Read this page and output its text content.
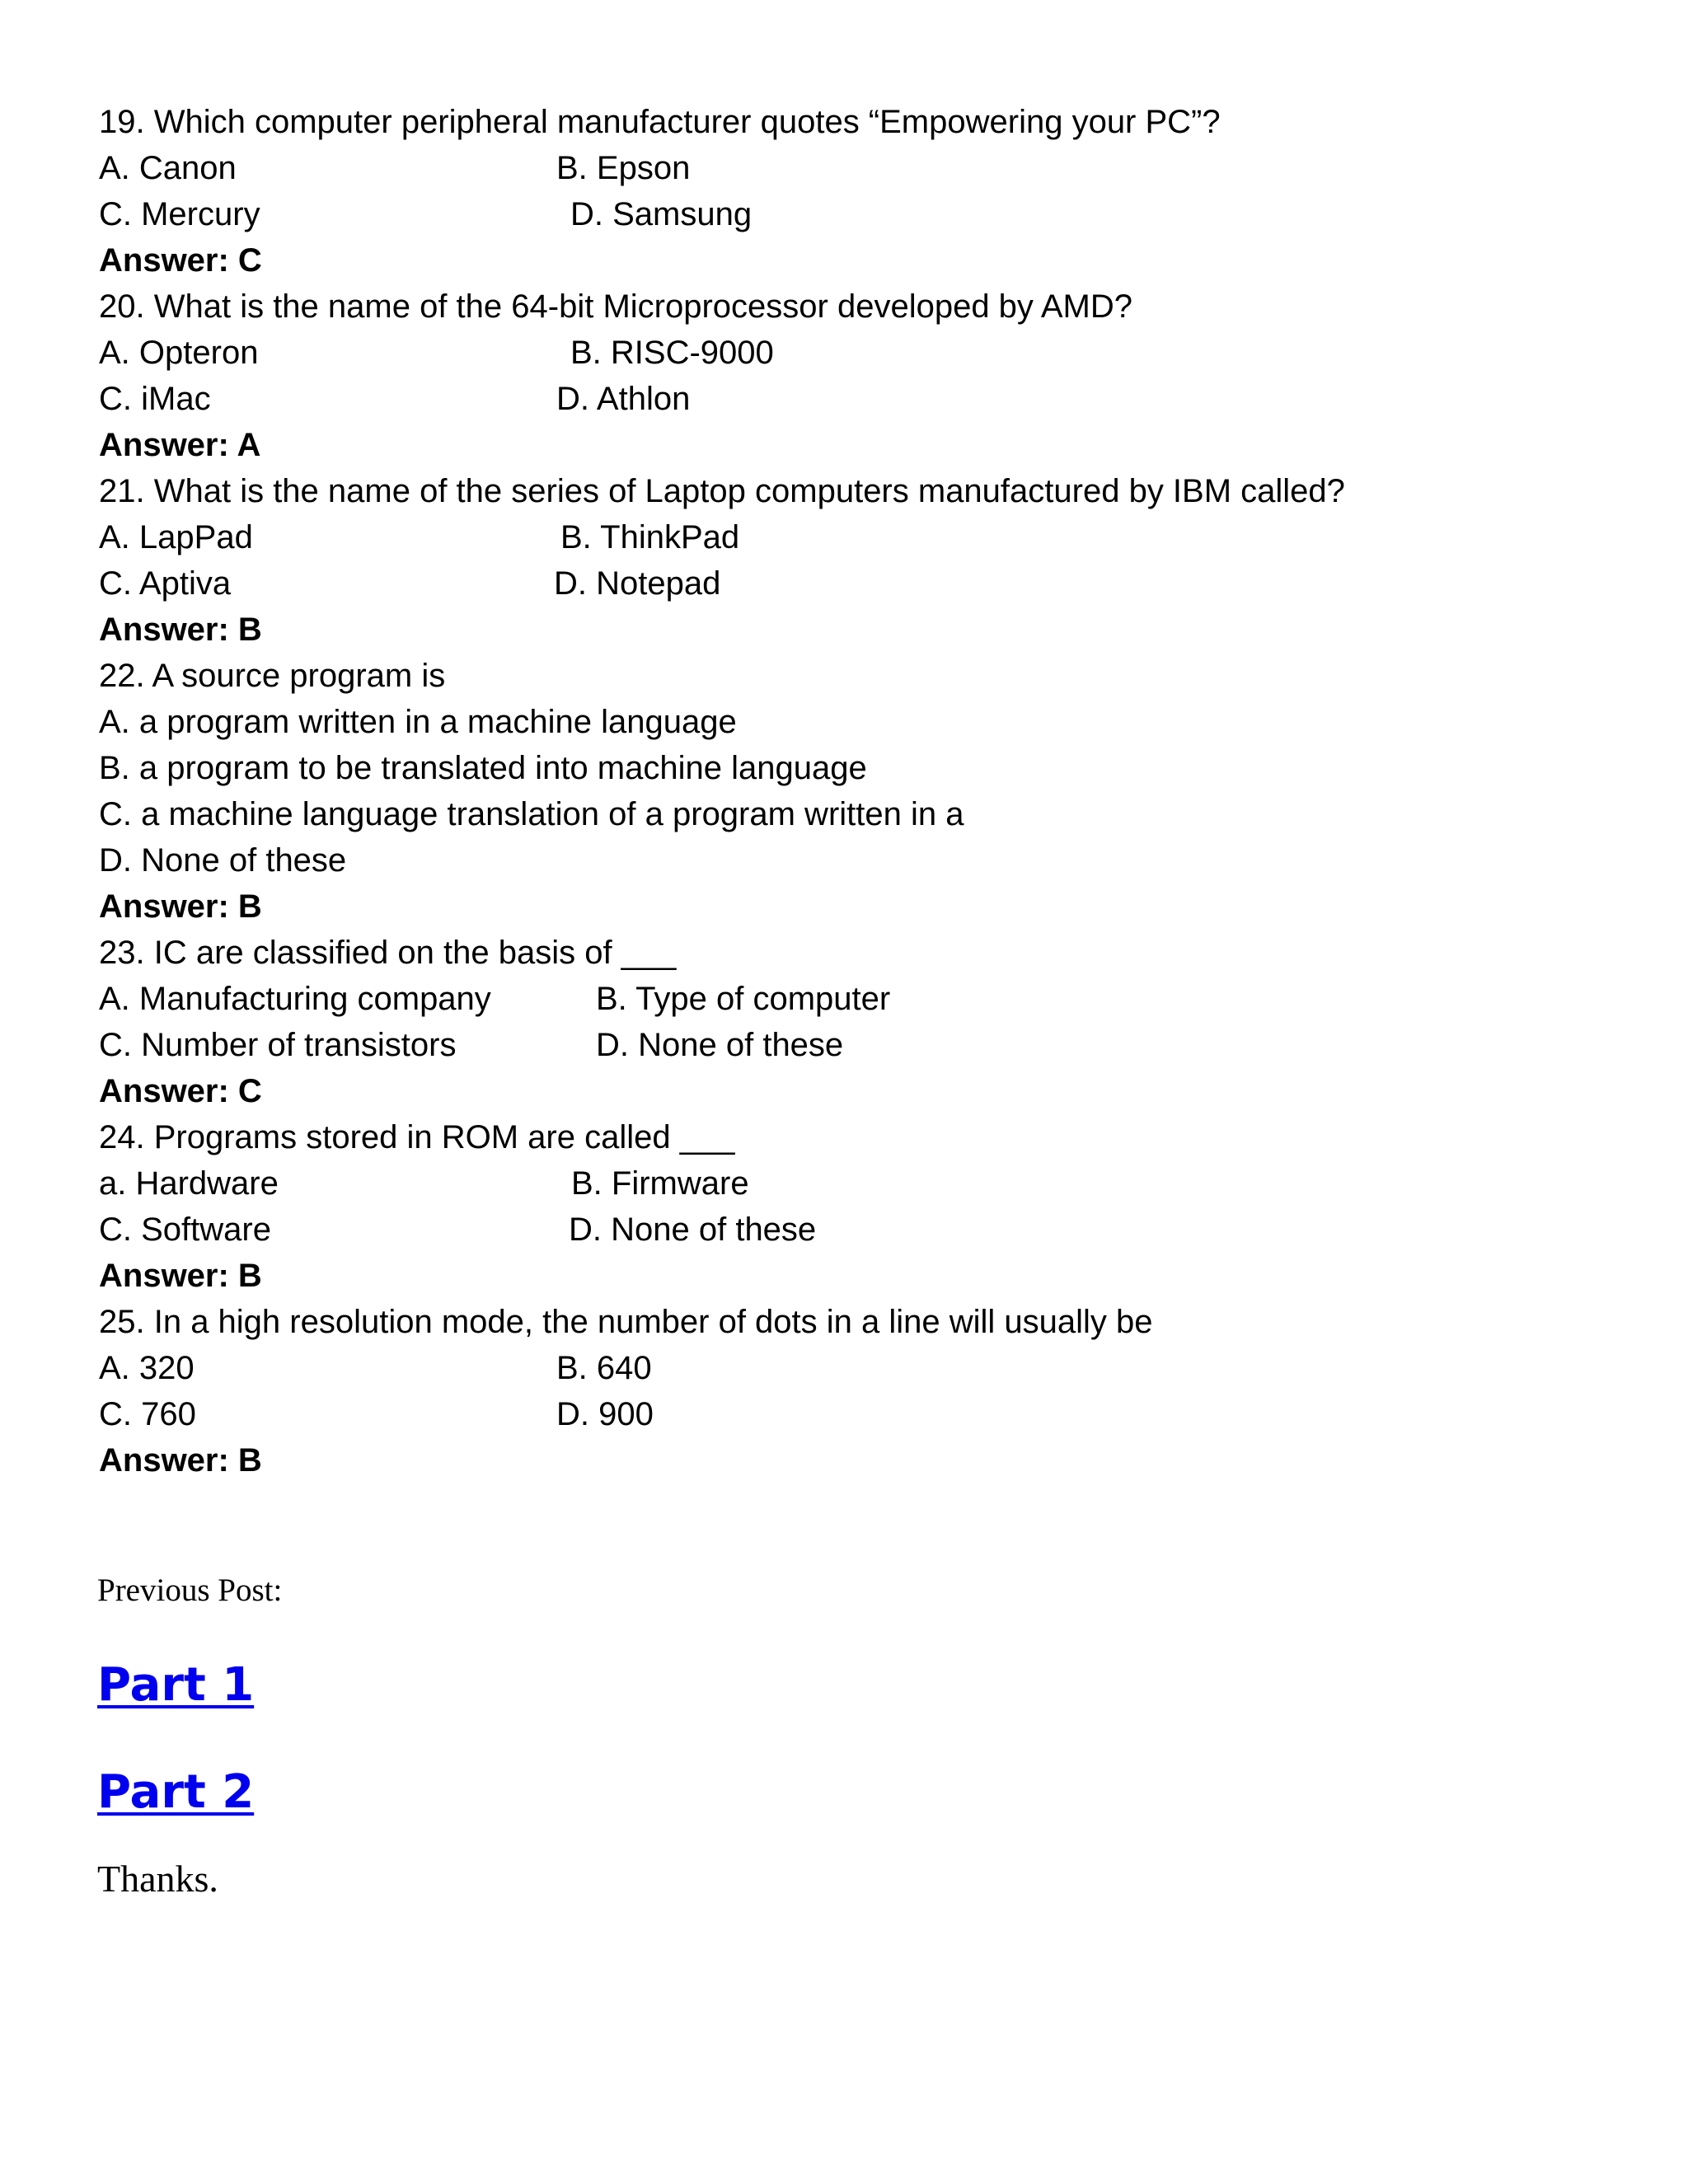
19. Which computer peripheral manufacturer quotes “Empowering your PC”?
A. Canon	B. Epson
C. Mercury	D. Samsung
Answer: C
20. What is the name of the 64-bit Microprocessor developed by AMD?
A. Opteron	B. RISC-9000
C. iMac	D. Athlon
Answer: A
21. What is the name of the series of Laptop computers manufactured by IBM called?
A. LapPad	B. ThinkPad
C. Aptiva	D. Notepad
Answer: B
22. A source program is
A. a program written in a machine language
B. a program to be translated into machine language
C. a machine language translation of a program written in a
D. None of these
Answer: B
23. IC are classified on the basis of ___
A. Manufacturing company	B. Type of computer
C. Number of transistors	D. None of these
Answer: C
24. Programs stored in ROM are called ___
a. Hardware	B. Firmware
C. Software	D. None of these
Answer: B
25. In a high resolution mode, the number of dots in a line will usually be
A. 320	B. 640
C. 760	D. 900
Answer: B
Previous Post:
Part 1
Part 2
Thanks.
